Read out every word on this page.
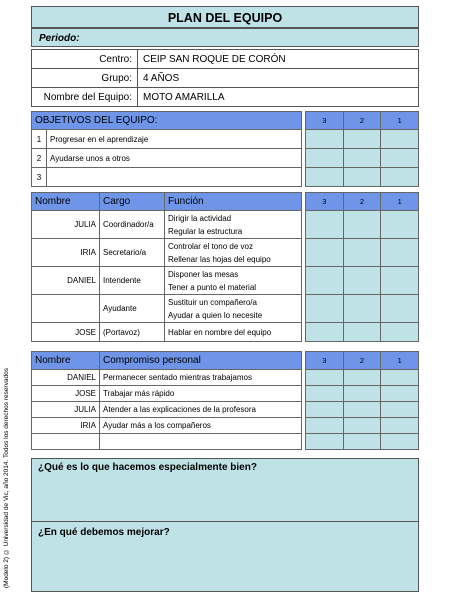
(Modelo 2) © Universidad de Vic, año 2014. Todos los derechos reservados
PLAN DEL EQUIPO
Periodo:
Centro:	CEIP SAN ROQUE DE CORÓN
Grupo:	4 AÑOS
Nombre del Equipo:	MOTO AMARILLA
OBJETIVOS DEL EQUIPO:	
1	Progresar en el aprendizaje
2	Ayudarse unos a otros
3	
3	2	1

Nombre	Cargo	Función
JULIA	Coordinador/a	Dirigir la actividad
Regular la estructura

IRIA	Secretario/a	Controlar el tono de voz
Rellenar las hojas del equipo

DANIEL	Intendente	Disponer las mesas
Tener a punto el material

	Ayudante	Sustituir un compañero/a
Ayudar a quien lo necesite

JOSE	(Portavoz)	Hablar en nombre del equipo
3	2	1

Nombre	Compromiso personal
DANIEL	Permanecer sentado mientras trabajamos
JOSE	Trabajar más rápido
JULIA	Atender a las explicaciones de la profesora
IRIA	Ayudar más a los compañeros

3	2	1

¿Qué es lo que hacemos especialmente bien?
¿En qué debemos mejorar?
